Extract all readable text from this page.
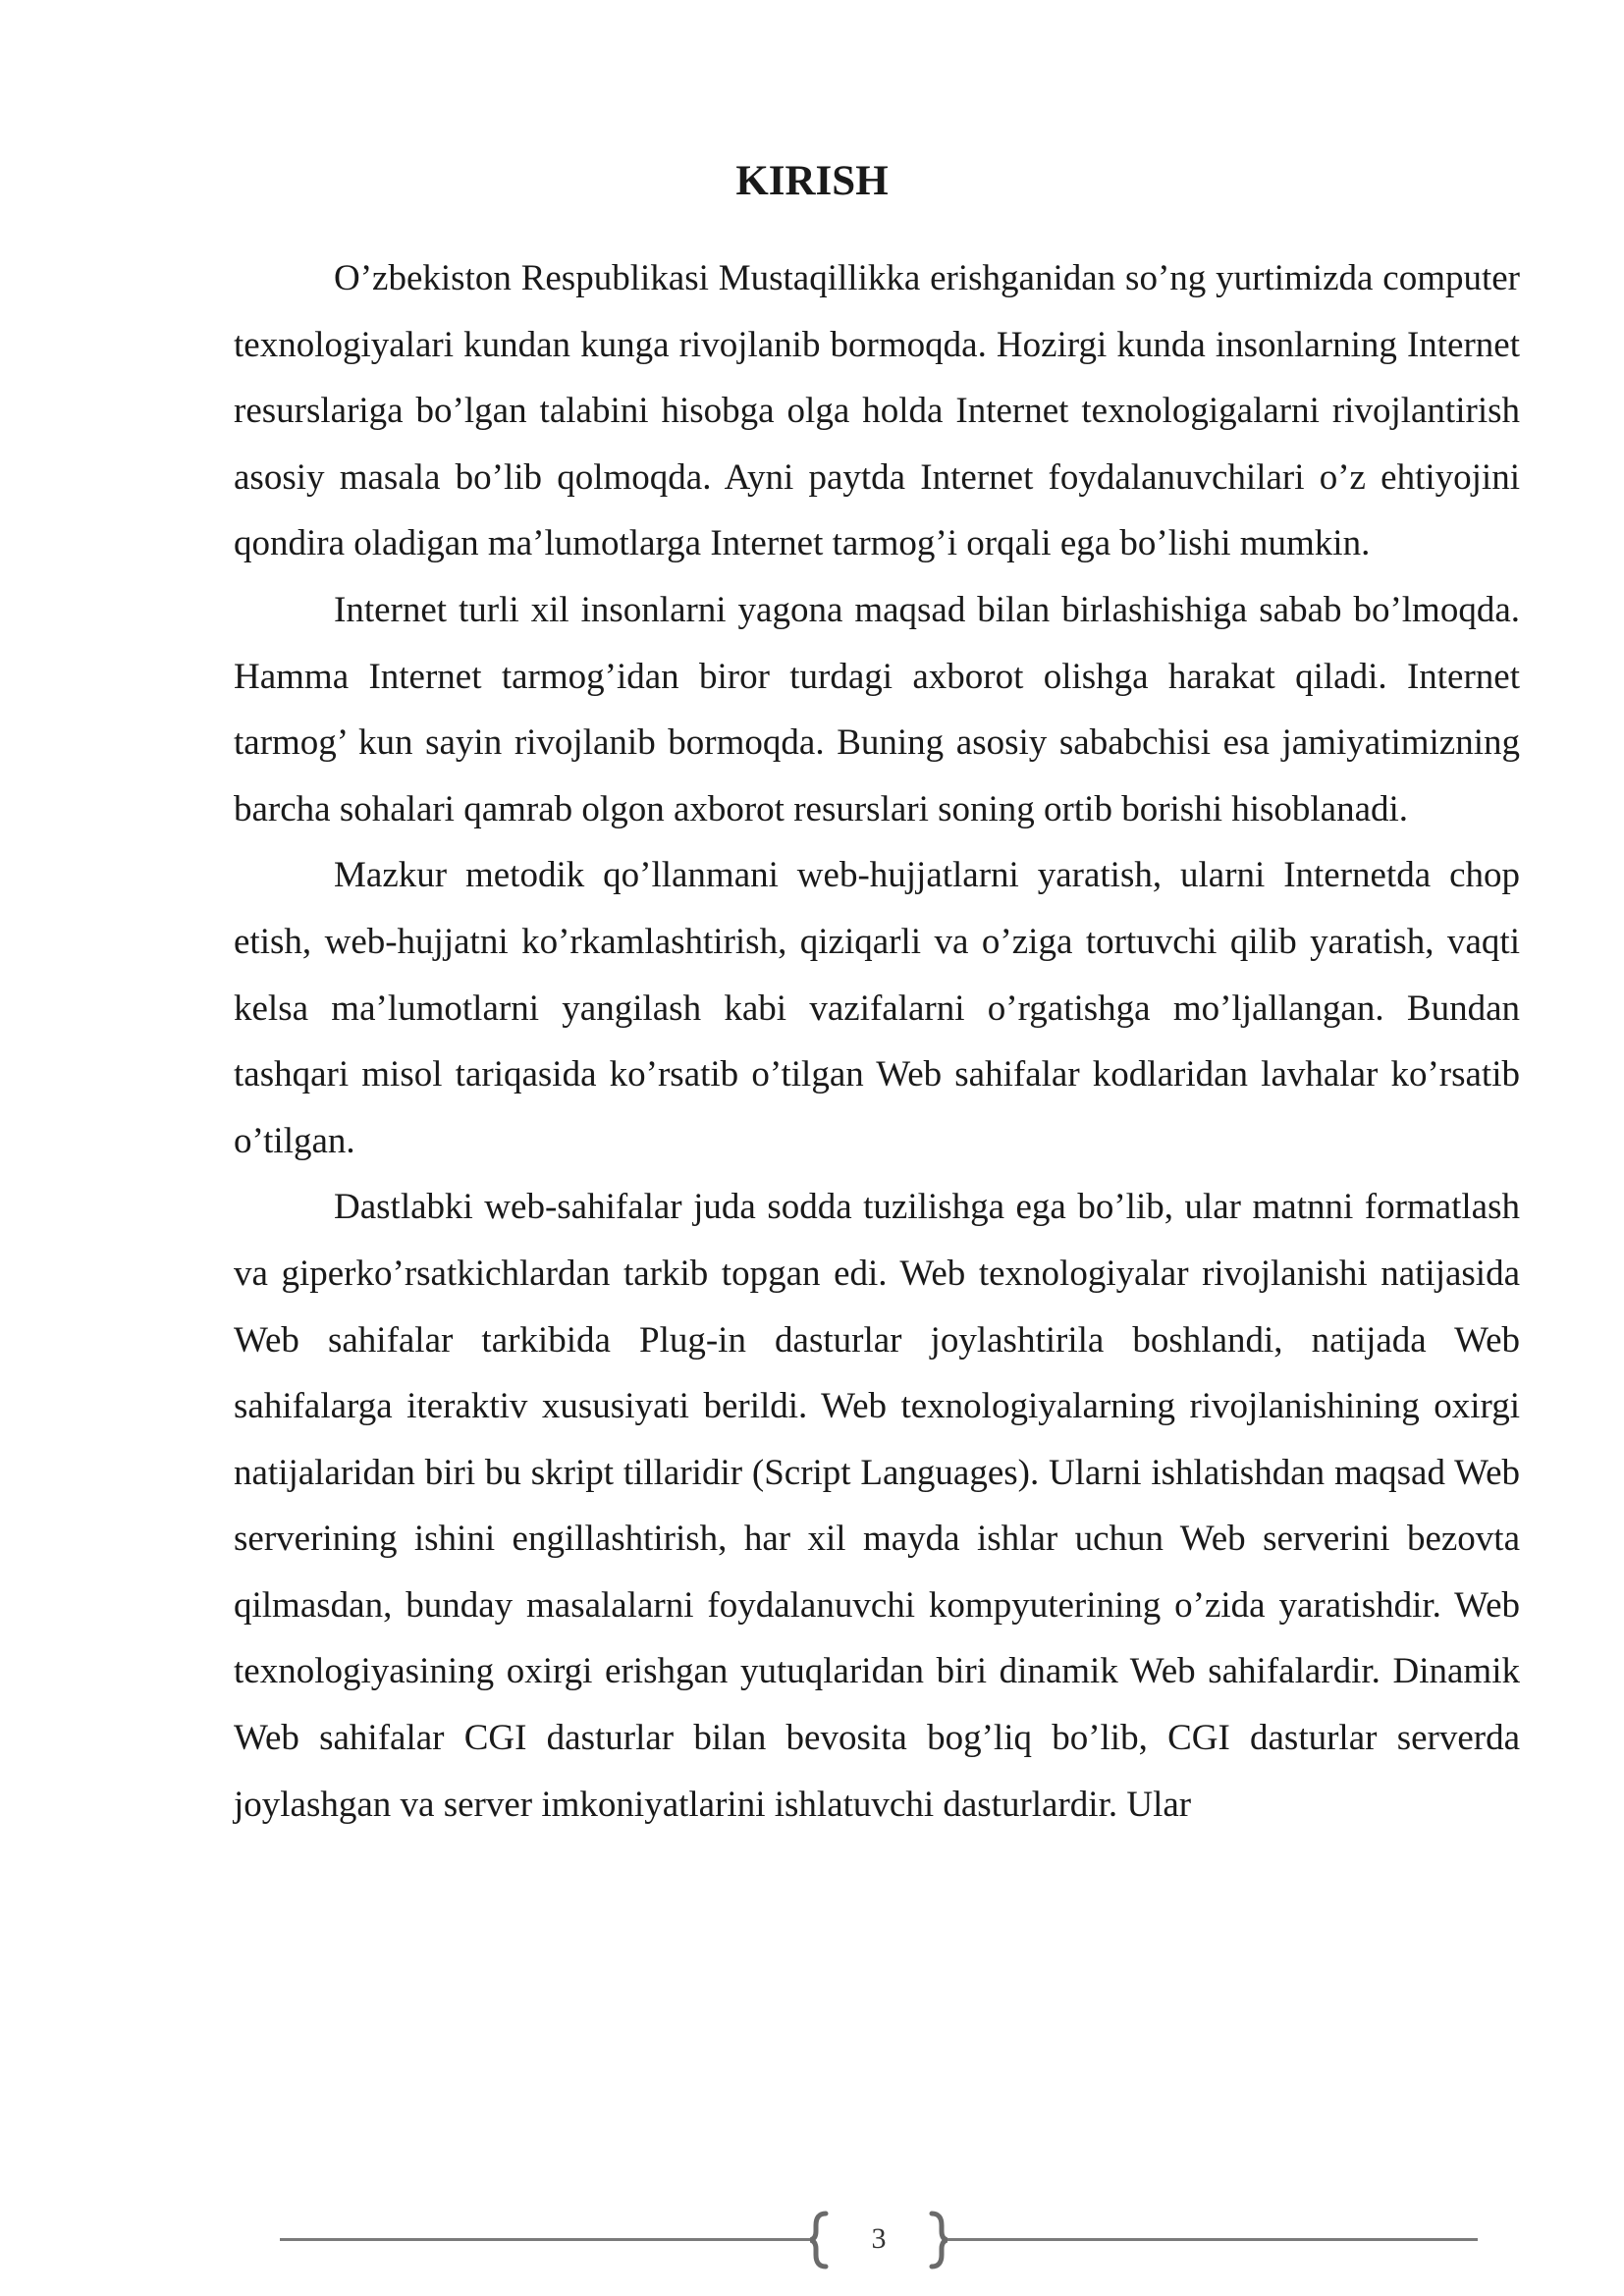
KIRISH

O’zbekiston Respublikasi Mustaqillikka erishganidan so’ng yurtimizda computer texnologiyalari kundan kunga rivojlanib bormoqda. Hozirgi kunda insonlarning Internet resurslariga bo’lgan talabini hisobga olga holda Internet texnologigalarni rivojlantirish asosiy masala bo’lib qolmoqda. Ayni paytda Internet foydalanuvchilari o’z ehtiyojini qondira oladigan ma’lumotlarga Internet tarmog’i orqali ega bo’lishi mumkin.

Internet turli xil insonlarni yagona maqsad bilan birlashishiga sabab bo’lmoqda. Hamma Internet tarmog’idan biror turdagi axborot olishga harakat qiladi. Internet tarmog’ kun sayin rivojlanib bormoqda. Buning asosiy sababchisi esa jamiyatimizning barcha sohalari qamrab olgon axborot resurslari soning ortib borishi hisoblanadi.

Mazkur metodik qo’llanmani web-hujjatlarni yaratish, ularni Internetda chop etish, web-hujjatni ko’rkamlashtirish, qiziqarli va o’ziga tortuvchi qilib yaratish, vaqti kelsa ma’lumotlarni yangilash kabi vazifalarni o’rgatishga mo’ljallangan. Bundan tashqari misol tariqasida ko’rsatib o’tilgan Web sahifalar kodlaridan lavhalar ko’rsatib o’tilgan.

Dastlabki web-sahifalar juda sodda tuzilishga ega bo’lib, ular matnni formatlash va giperko’rsatkichlardan tarkib topgan edi. Web texnologiyalar rivojlanishi natijasida Web sahifalar tarkibida Plug-in dasturlar joylashtirila boshlandi, natijada Web sahifalarga iteraktiv xususiyati berildi. Web texnologiyalarning rivojlanishining oxirgi natijalaridan biri bu skript tillaridir (Script Languages). Ularni ishlatishdan maqsad Web serverining ishini engillashtirish, har xil mayda ishlar uchun Web serverini bezovta qilmasdan, bunday masalalarni foydalanuvchi kompyuterining o’zida yaratishdir. Web texnologiyasining oxirgi erishgan yutuqlaridan biri dinamik Web sahifalardir. Dinamik Web sahifalar CGI dasturlar bilan bevosita bog’liq bo’lib, CGI dasturlar serverda joylashgan va server imkoniyatlarini ishlatuvchi dasturlardir. Ular

3
